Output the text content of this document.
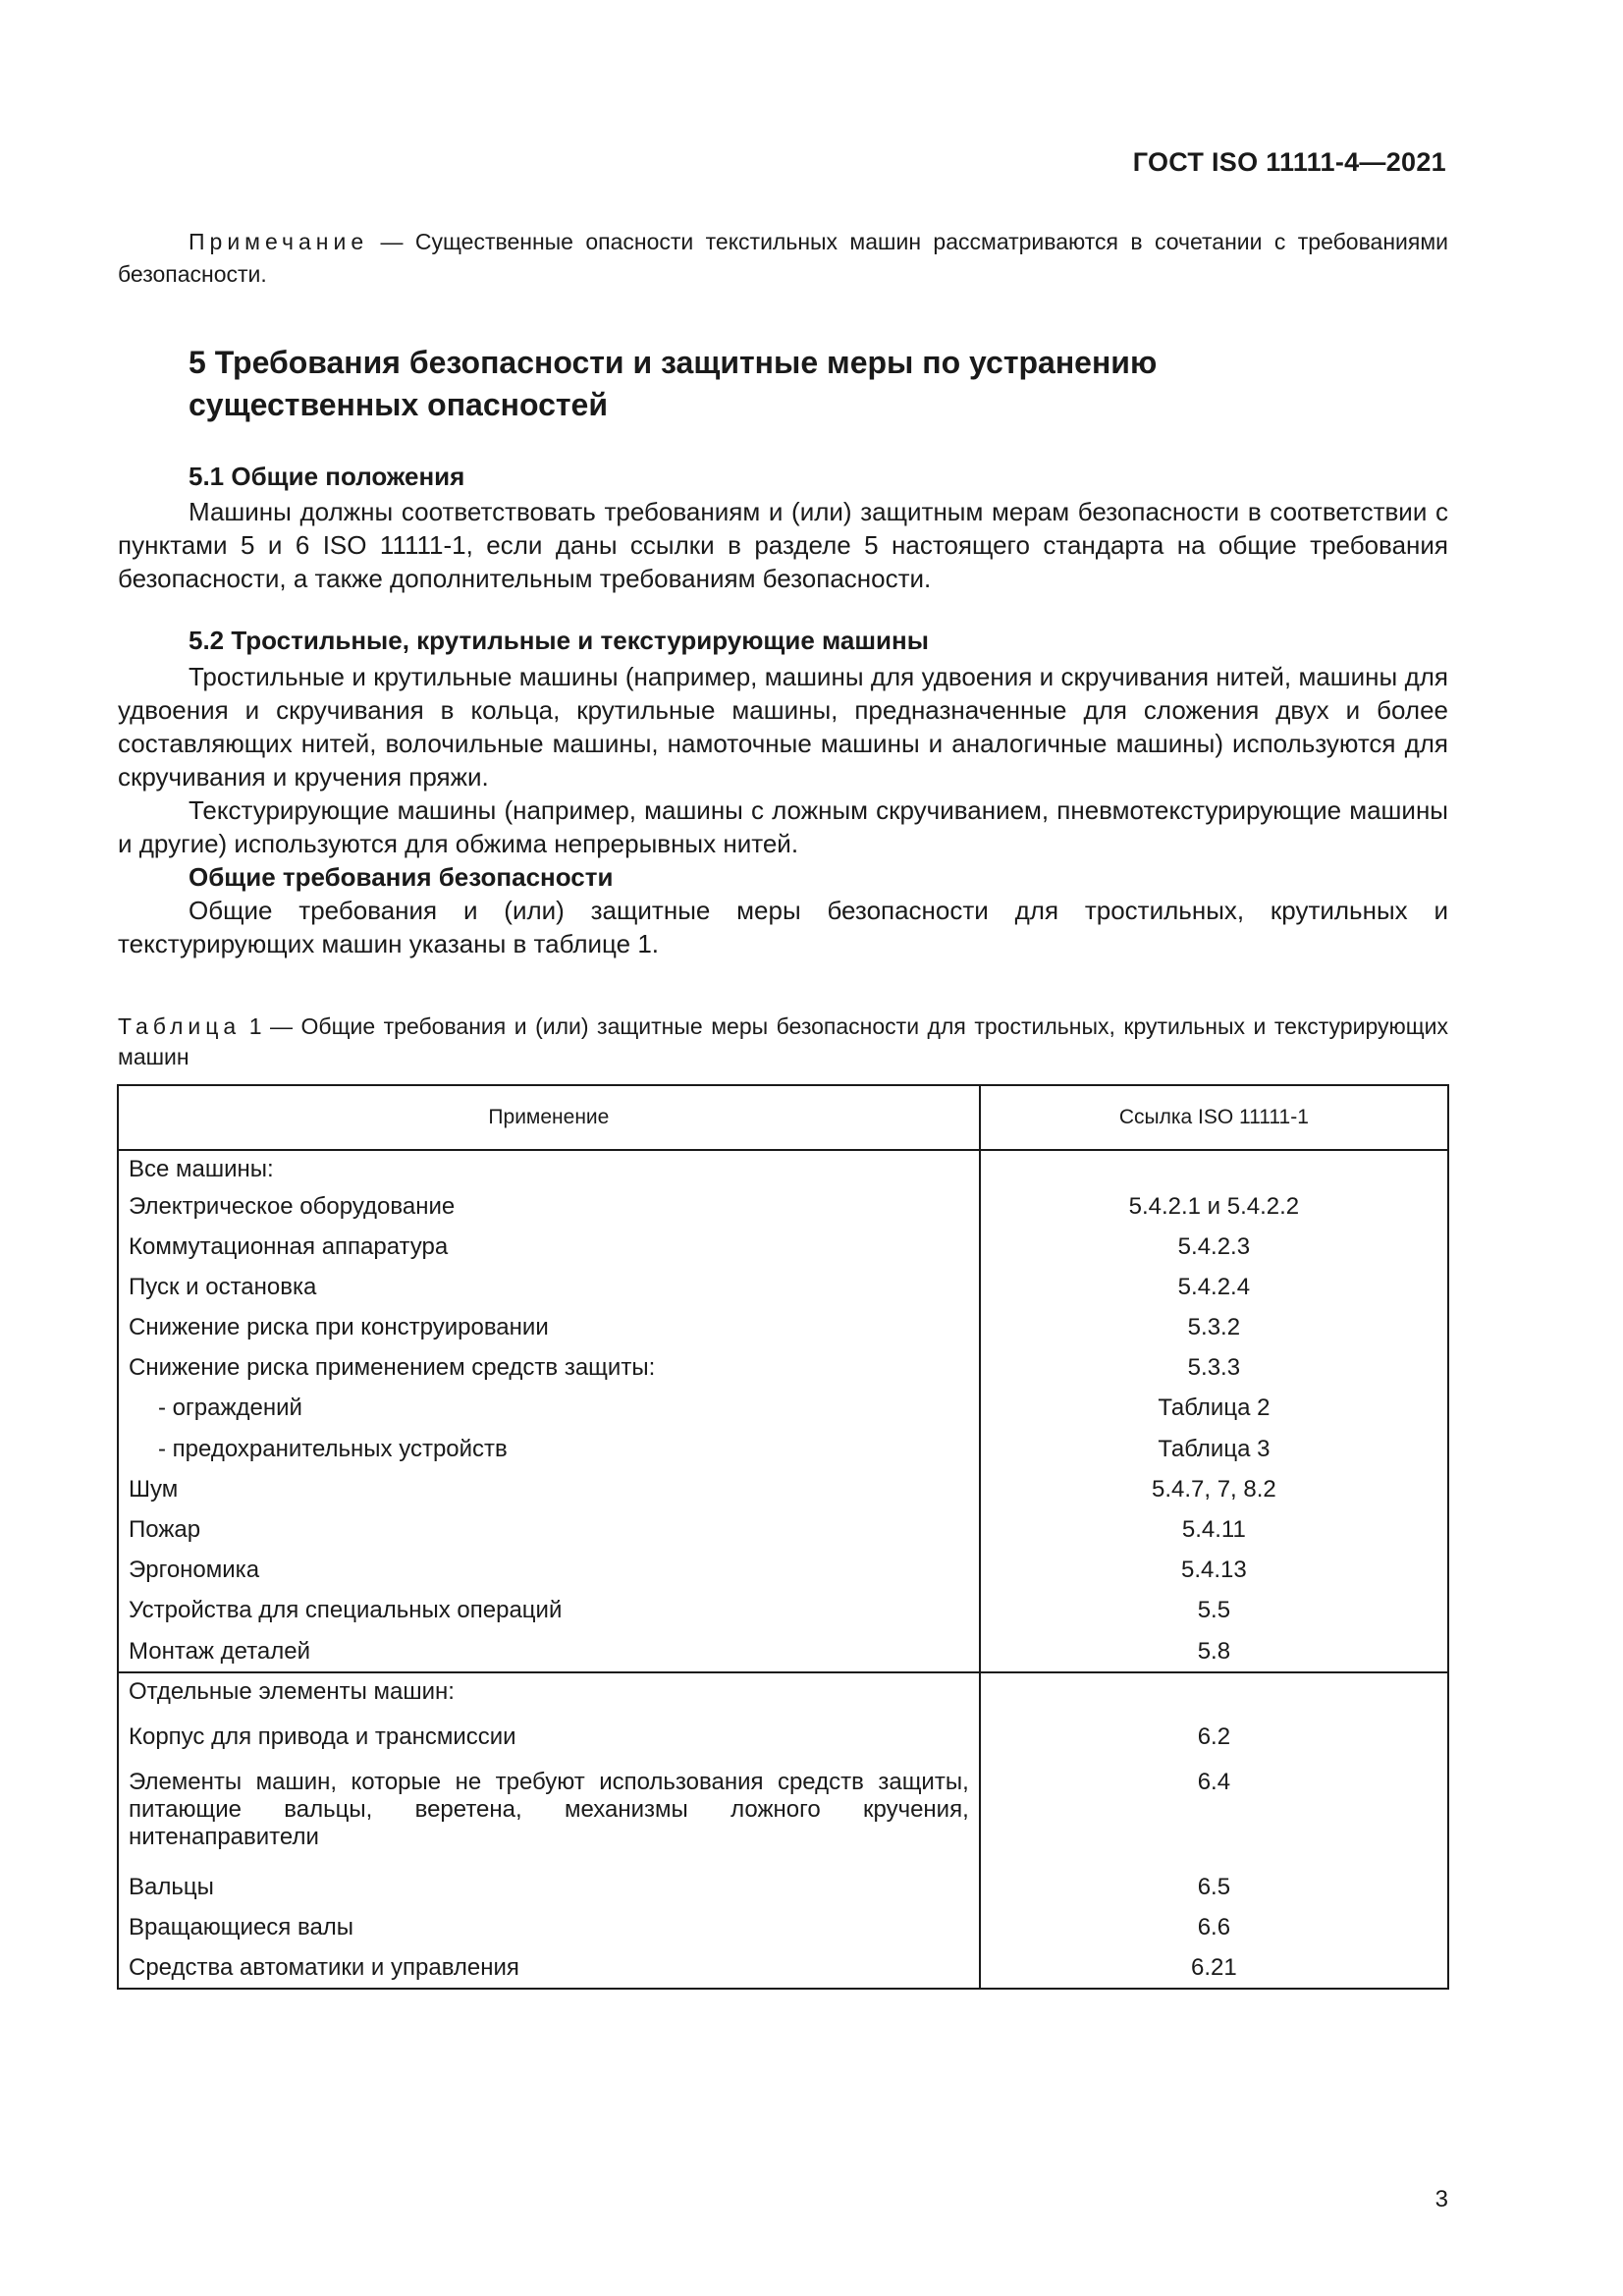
ГОСТ ISO 11111-4—2021
Примечание — Существенные опасности текстильных машин рассматриваются в сочетании с требованиями безопасности.
5 Требования безопасности и защитные меры по устранению существенных опасностей
5.1 Общие положения
Машины должны соответствовать требованиям и (или) защитным мерам безопасности в соответствии с пунктами 5 и 6 ISO 11111-1, если даны ссылки в разделе 5 настоящего стандарта на общие требования безопасности, а также дополнительным требованиям безопасности.
5.2 Тростильные, крутильные и текстурирующие машины
Тростильные и крутильные машины (например, машины для удвоения и скручивания нитей, машины для удвоения и скручивания в кольца, крутильные машины, предназначенные для сложения двух и более составляющих нитей, волочильные машины, намоточные машины и аналогичные машины) используются для скручивания и кручения пряжи.
Текстурирующие машины (например, машины с ложным скручиванием, пневмотекстурирующие машины и другие) используются для обжима непрерывных нитей.
Общие требования безопасности
Общие требования и (или) защитные меры безопасности для тростильных, крутильных и текстурирующих машин указаны в таблице 1.
Таблица 1 — Общие требования и (или) защитные меры безопасности для тростильных, крутильных и текстурирующих машин
Применение	Ссылка ISO 11111-1
Все машины:	
Электрическое оборудование	5.4.2.1 и 5.4.2.2
Коммутационная аппаратура	5.4.2.3
Пуск и остановка	5.4.2.4
Снижение риска при конструировании	5.3.2
Снижение риска применением средств защиты:	5.3.3
- ограждений	Таблица 2
- предохранительных устройств	Таблица 3
Шум	5.4.7, 7, 8.2
Пожар	5.4.11
Эргономика	5.4.13
Устройства для специальных операций	5.5
Монтаж деталей	5.8
Отдельные элементы машин:	
Корпус для привода и трансмиссии	6.2
Элементы машин, которые не требуют использования средств защиты, питающие вальцы, веретена, механизмы ложного кручения, нитенаправители	6.4
Вальцы	6.5
Вращающиеся валы	6.6
Средства автоматики и управления	6.21
3
